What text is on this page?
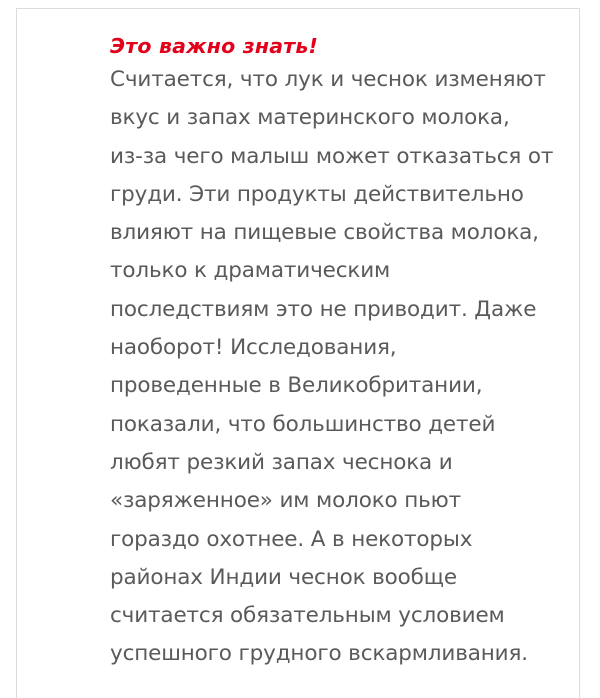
Это важно знать!
Считается, что лук и чеснок изменяют
вкус и запах материнского молока,
из-за чего малыш может отказаться от
груди. Эти продукты действительно
влияют на пищевые свойства молока,
только к драматическим
последствиям это не приводит. Даже
наоборот! Исследования,
проведенные в Великобритании,
показали, что большинство детей
любят резкий запах чеснока и
«заряженное» им молоко пьют
гораздо охотнее. А в некоторых
районах Индии чеснок вообще
считается обязательным условием
успешного грудного вскармливания.
